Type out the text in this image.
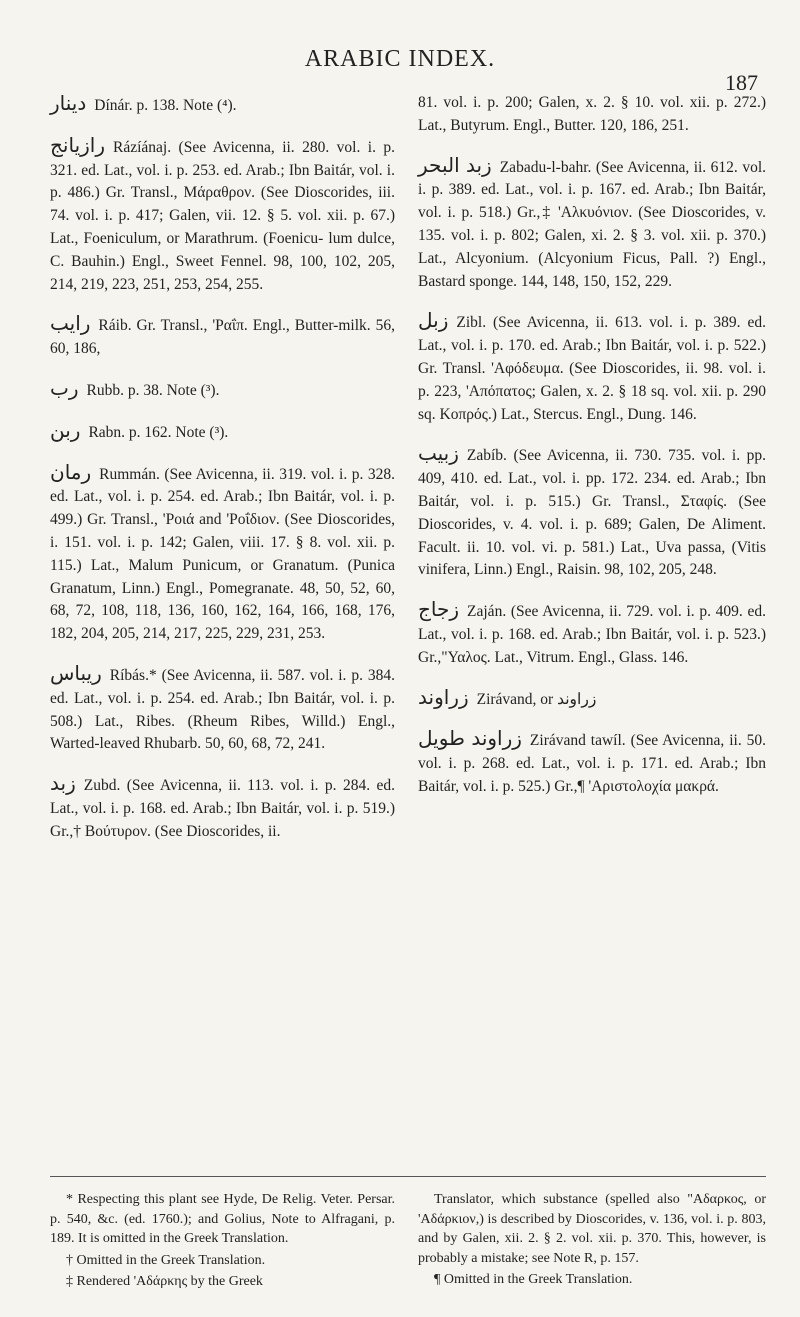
ARABIC INDEX.
187
دينار Dínár. p. 138. Note (⁴).
رازيانج Rázíánaj. (See Avicenna, ii. 280. vol. i. p. 321. ed. Lat., vol. i. p. 253. ed. Arab.; Ibn Baitár, vol. i. p. 486.) Gr. Transl., Μάραθρον. (See Dioscorides, iii. 74. vol. i. p. 417; Galen, vii. 12. § 5. vol. xii. p. 67.) Lat., Foeniculum, or Marathrum. (Foenicu- lum dulce, C. Bauhin.) Engl., Sweet Fennel. 98, 100, 102, 205, 214, 219, 223, 251, 253, 254, 255.
رايب Ráib. Gr. Transl., 'Ραΐπ. Engl., Butter-milk. 56, 60, 186,
رب Rubb. p. 38. Note (³).
ربن Rabn. p. 162. Note (³).
رمان Rummán. (See Avicenna, ii. 319. vol. i. p. 328. ed. Lat., vol. i. p. 254. ed. Arab.; Ibn Baitár, vol. i. p. 499.) Gr. Transl., 'Ροιά and 'Ροΐδιον. (See Dioscorides, i. 151. vol. i. p. 142; Galen, viii. 17. § 8. vol. xii. p. 115.) Lat., Malum Punicum, or Granatum. (Punica Granatum, Linn.) Engl., Pomegranate. 48, 50, 52, 60, 68, 72, 108, 118, 136, 160, 162, 164, 166, 168, 176, 182, 204, 205, 214, 217, 225, 229, 231, 253.
ريباس Ríbás.* (See Avicenna, ii. 587. vol. i. p. 384. ed. Lat., vol. i. p. 254. ed. Arab.; Ibn Baitár, vol. i. p. 508.) Lat., Ribes. (Rheum Ribes, Willd.) Engl., Warted-leaved Rhubarb. 50, 60, 68, 72, 241.
زبد Zubd. (See Avicenna, ii. 113. vol. i. p. 284. ed. Lat., vol. i. p. 168. ed. Arab.; Ibn Baitár, vol. i. p. 519.) Gr.,† Βούτυρον. (See Dioscorides, ii.
81. vol. i. p. 200; Galen, x. 2. § 10. vol. xii. p. 272.) Lat., Butyrum. Engl., Butter. 120, 186, 251.
زبد البحر Zabadu-l-bahr. (See Avicenna, ii. 612. vol. i. p. 389. ed. Lat., vol. i. p. 167. ed. Arab.; Ibn Baitár, vol. i. p. 518.) Gr.,‡ 'Αλκυόνιον. (See Dioscorides, v. 135. vol. i. p. 802; Galen, xi. 2. § 3. vol. xii. p. 370.) Lat., Alcyonium. (Alcyonium Ficus, Pall. ?) Engl., Bastard sponge. 144, 148, 150, 152, 229.
زبل Zibl. (See Avicenna, ii. 613. vol. i. p. 389. ed. Lat., vol. i. p. 170. ed. Arab.; Ibn Baitár, vol. i. p. 522.) Gr. Transl. 'Αφόδευμα. (See Dioscorides, ii. 98. vol. i. p. 223, 'Απόπατος; Galen, x. 2. § 18 sq. vol. xii. p. 290 sq. Κοπρός.) Lat., Stercus. Engl., Dung. 146.
زبيب Zabíb. (See Avicenna, ii. 730. 735. vol. i. pp. 409, 410. ed. Lat., vol. i. pp. 172. 234. ed. Arab.; Ibn Baitár, vol. i. p. 515.) Gr. Transl., Σταφίς. (See Dioscorides, v. 4. vol. i. p. 689; Galen, De Aliment. Facult. ii. 10. vol. vi. p. 581.) Lat., Uva passa, (Vitis vinifera, Linn.) Engl., Raisin. 98, 102, 205, 248.
زجاج Zaján. (See Avicenna, ii. 729. vol. i. p. 409. ed. Lat., vol. i. p. 168. ed. Arab.; Ibn Baitár, vol. i. p. 523.) Gr.,"Υαλος. Lat., Vitrum. Engl., Glass. 146.
زراوند Zirávand, or زراوند
زراوند طويل Zirávand tawíl. (See Avicenna, ii. 50. vol. i. p. 268. ed. Lat., vol. i. p. 171. ed. Arab.; Ibn Baitár, vol. i. p. 525.) Gr.,¶ 'Αριστολοχία μακρά.

* Respecting this plant see Hyde, De Relig. Veter. Persar. p. 540, &c. (ed. 1760.); and Golius, Note to Alfragani, p. 189. It is omitted in the Greek Translation.

† Omitted in the Greek Translation.

‡ Rendered 'Αδάρκης by the Greek

Translator, which substance (spelled also "Αδαρκος, or 'Αδάρκιον,) is described by Dioscorides, v. 136, vol. i. p. 803, and by Galen, xii. 2. § 2. vol. xii. p. 370. This, however, is probably a mistake; see Note R, p. 157.

¶ Omitted in the Greek Translation.
